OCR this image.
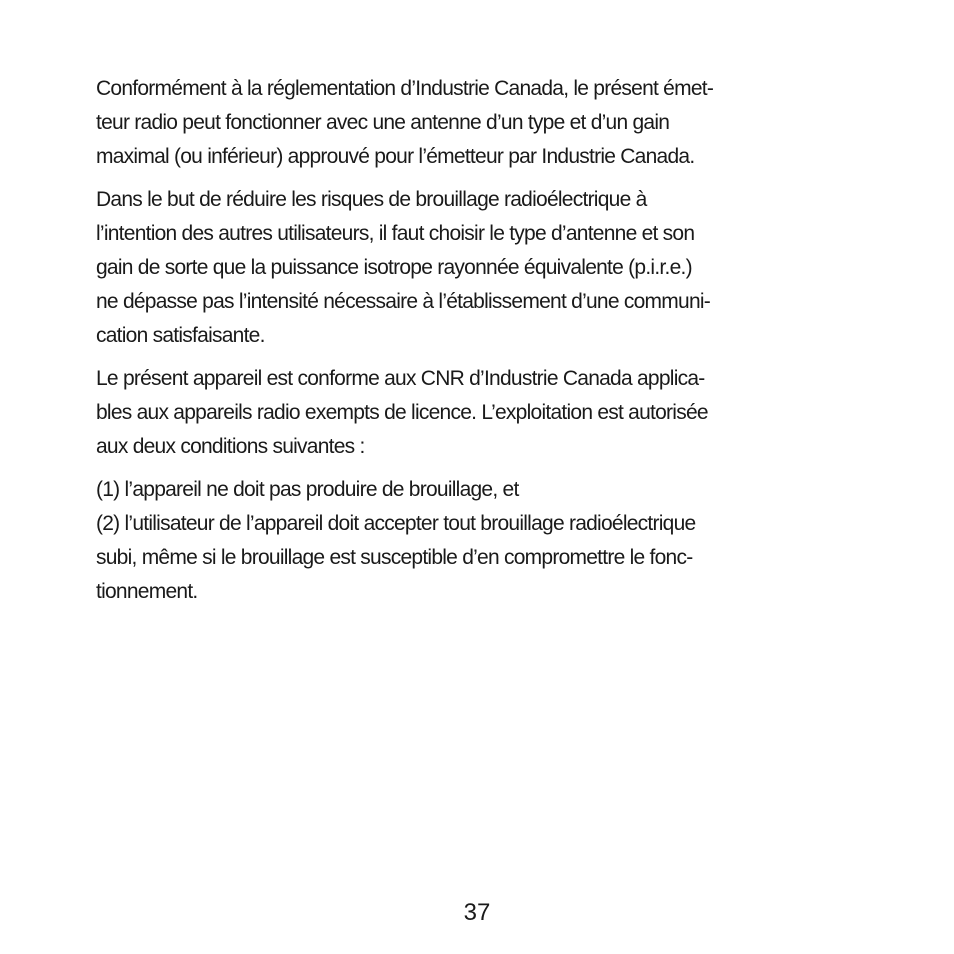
Conformément à la réglementation d’Industrie Canada, le présent émet-
teur radio peut fonctionner avec une antenne d’un type et d’un gain
maximal (ou inférieur) approuvé pour l’émetteur par Industrie Canada.
Dans le but de réduire les risques de brouillage radioélectrique à
l’intention des autres utilisateurs, il faut choisir le type d’antenne et son
gain de sorte que la puissance isotrope rayonnée équivalente (p.i.r.e.)
ne dépasse pas l’intensité nécessaire à l’établissement d’une communi-
cation satisfaisante.
Le présent appareil est conforme aux CNR d’Industrie Canada applica-
bles aux appareils radio exempts de licence. L’exploitation est autorisée
aux deux conditions suivantes :
(1) l’appareil ne doit pas produire de brouillage, et
(2) l’utilisateur de l’appareil doit accepter tout brouillage radioélectrique
subi, même si le brouillage est susceptible d’en compromettre le fonc-
tionnement.
37
